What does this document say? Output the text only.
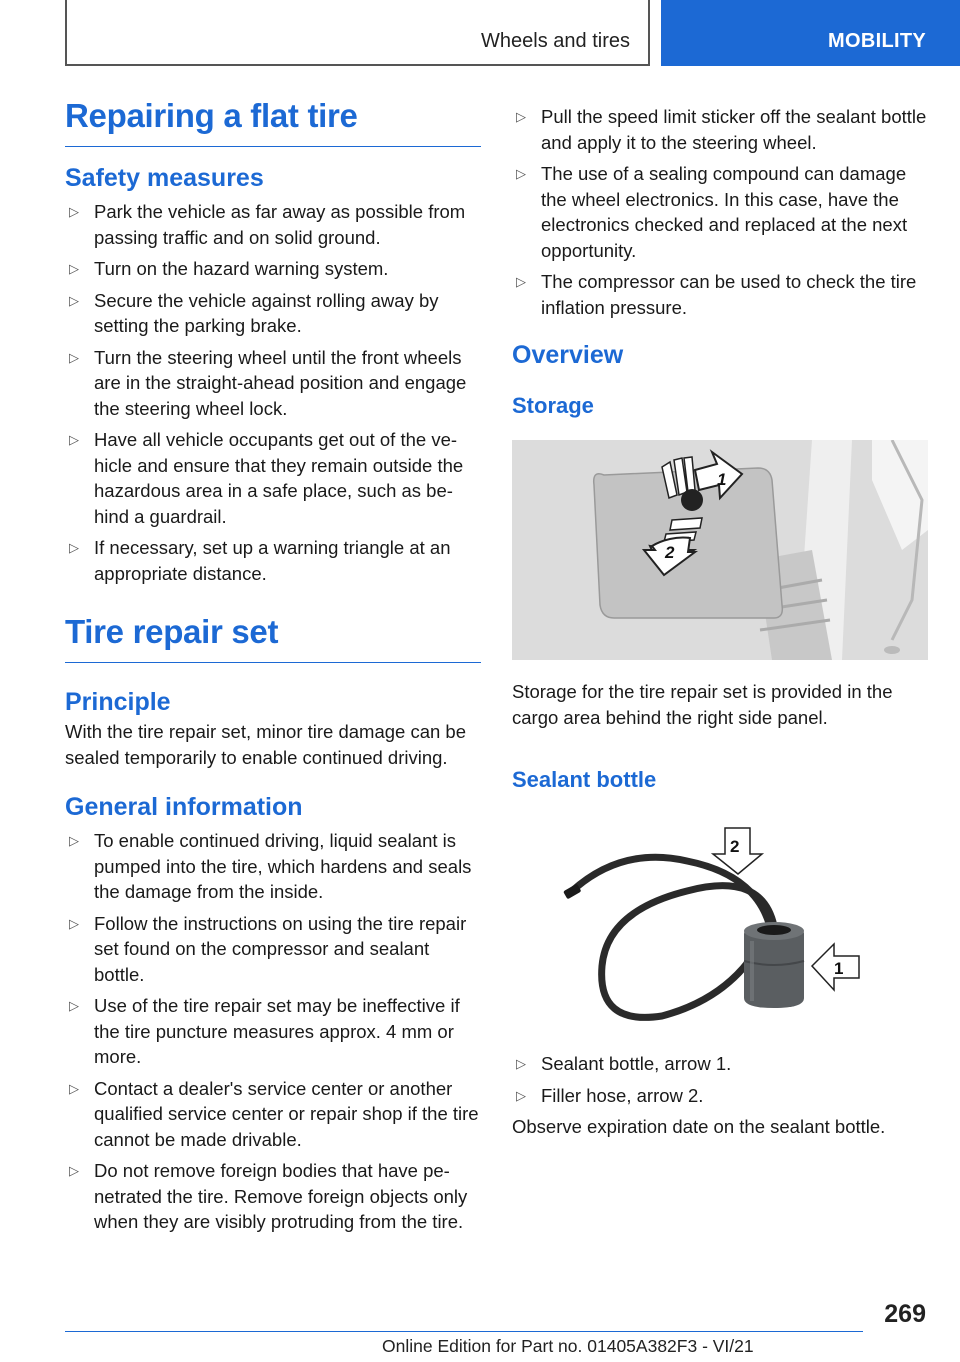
Wheels and tires	MOBILITY
Repairing a flat tire
Safety measures
▷ Park the vehicle as far away as possible from passing traffic and on solid ground.
▷ Turn on the hazard warning system.
▷ Secure the vehicle against rolling away by setting the parking brake.
▷ Turn the steering wheel until the front wheels are in the straight-ahead position and engage the steering wheel lock.
▷ Have all vehicle occupants get out of the vehicle and ensure that they remain outside the hazardous area in a safe place, such as behind a guardrail.
▷ If necessary, set up a warning triangle at an appropriate distance.
Tire repair set
Principle

With the tire repair set, minor tire damage can be sealed temporarily to enable continued driving.

General information
▷ To enable continued driving, liquid sealant is pumped into the tire, which hardens and seals the damage from the inside.
▷ Follow the instructions on using the tire repair set found on the compressor and sealant bottle.
▷ Use of the tire repair set may be ineffective if the tire puncture measures approx. 4 mm or more.
▷ Contact a dealer's service center or another qualified service center or repair shop if the tire cannot be made drivable.
▷ Do not remove foreign bodies that have penetrated the tire. Remove foreign objects only when they are visibly protruding from the tire.
▷ Pull the speed limit sticker off the sealant bottle and apply it to the steering wheel.
▷ The use of a sealing compound can damage the wheel electronics. In this case, have the electronics checked and replaced at the next opportunity.
▷ The compressor can be used to check the tire inflation pressure.
Overview
Storage
1
2

Storage for the tire repair set is provided in the cargo area behind the right side panel.

Sealant bottle
2
1
▷ Sealant bottle, arrow 1.
▷ Filler hose, arrow 2.

Observe expiration date on the sealant bottle.

269
Online Edition for Part no. 01405A382F3 - VI/21
